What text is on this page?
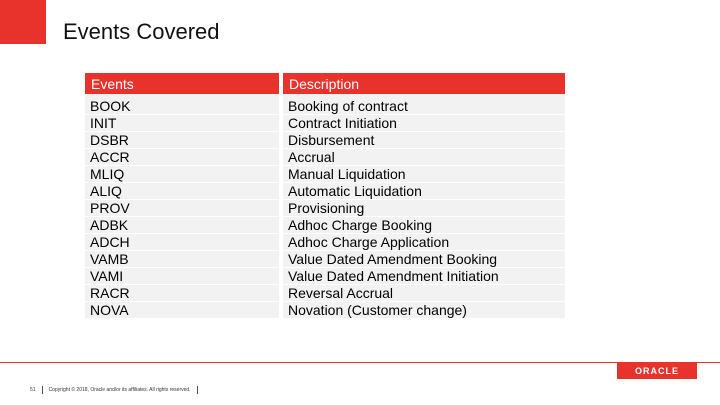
Events Covered
Events	Description
BOOK	Booking of contract
INIT	Contract Initiation
DSBR	Disbursement
ACCR	Accrual
MLIQ	Manual Liquidation
ALIQ	Automatic Liquidation
PROV	Provisioning
ADBK	Adhoc Charge Booking
ADCH	Adhoc Charge Application
VAMB	Value Dated Amendment Booking
VAMI	Value Dated Amendment Initiation
RACR	Reversal Accrual
NOVA	Novation (Customer change)
ORACLE
51	Copyright © 2018, Oracle and/or its affiliates. All rights reserved.
